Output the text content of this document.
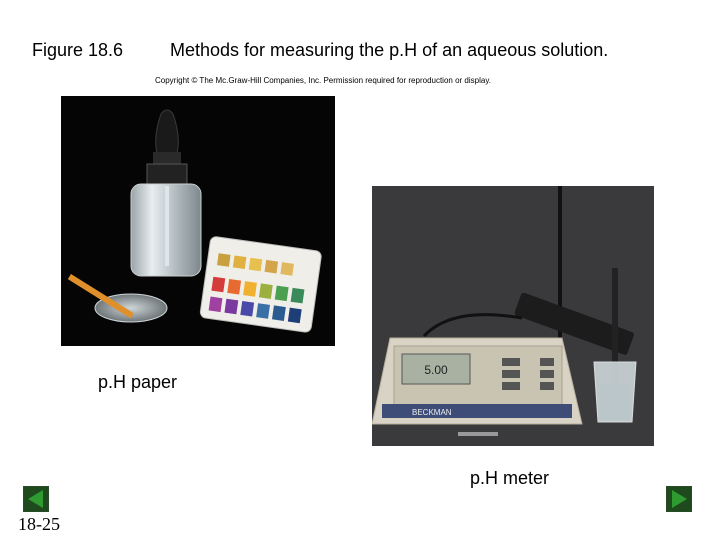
Figure 18.6	Methods for measuring the p.H of an aqueous solution.
Copyright © The Mc.Graw-Hill Companies, Inc. Permission required for reproduction or display.
5.00
BECKMAN
p.H paper
p.H meter
18-25
